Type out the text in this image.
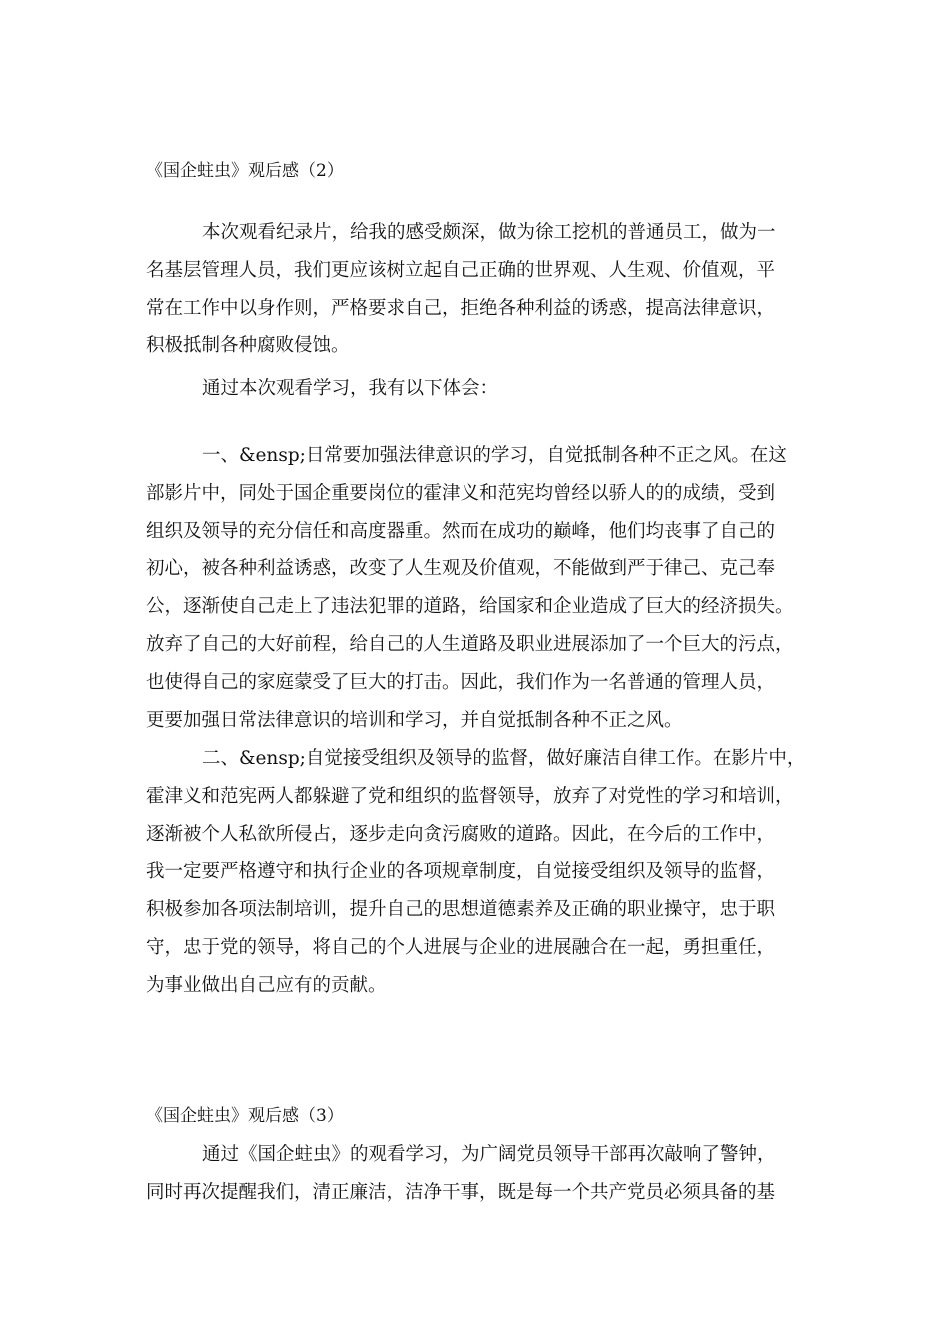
《国企蛀虫》观后感（2）
本次观看纪录片，给我的感受颇深，做为徐工挖机的普通员工，做为一
名基层管理人员，我们更应该树立起自己正确的世界观、人生观、价值观，平
常在工作中以身作则，严格要求自己，拒绝各种利益的诱惑，提高法律意识，
积极抵制各种腐败侵蚀。
通过本次观看学习，我有以下体会：
一、&ensp;日常要加强法律意识的学习，自觉抵制各种不正之风。在这
部影片中，同处于国企重要岗位的霍津义和范宪均曾经以骄人的的成绩，受到
组织及领导的充分信任和高度器重。然而在成功的巅峰，他们均丧事了自己的
初心，被各种利益诱惑，改变了人生观及价值观，不能做到严于律己、克己奉
公，逐渐使自己走上了违法犯罪的道路，给国家和企业造成了巨大的经济损失。
放弃了自己的大好前程，给自己的人生道路及职业进展添加了一个巨大的污点，
也使得自己的家庭蒙受了巨大的打击。因此，我们作为一名普通的管理人员，
更要加强日常法律意识的培训和学习，并自觉抵制各种不正之风。
二、&ensp;自觉接受组织及领导的监督，做好廉洁自律工作。在影片中，
霍津义和范宪两人都躲避了党和组织的监督领导，放弃了对党性的学习和培训，
逐渐被个人私欲所侵占，逐步走向贪污腐败的道路。因此，在今后的工作中，
我一定要严格遵守和执行企业的各项规章制度，自觉接受组织及领导的监督，
积极参加各项法制培训，提升自己的思想道德素养及正确的职业操守，忠于职
守，忠于党的领导，将自己的个人进展与企业的进展融合在一起，勇担重任，
为事业做出自己应有的贡献。
《国企蛀虫》观后感（3）
通过《国企蛀虫》的观看学习，为广阔党员领导干部再次敲响了警钟，
同时再次提醒我们，清正廉洁，洁净干事，既是每一个共产党员必须具备的基
